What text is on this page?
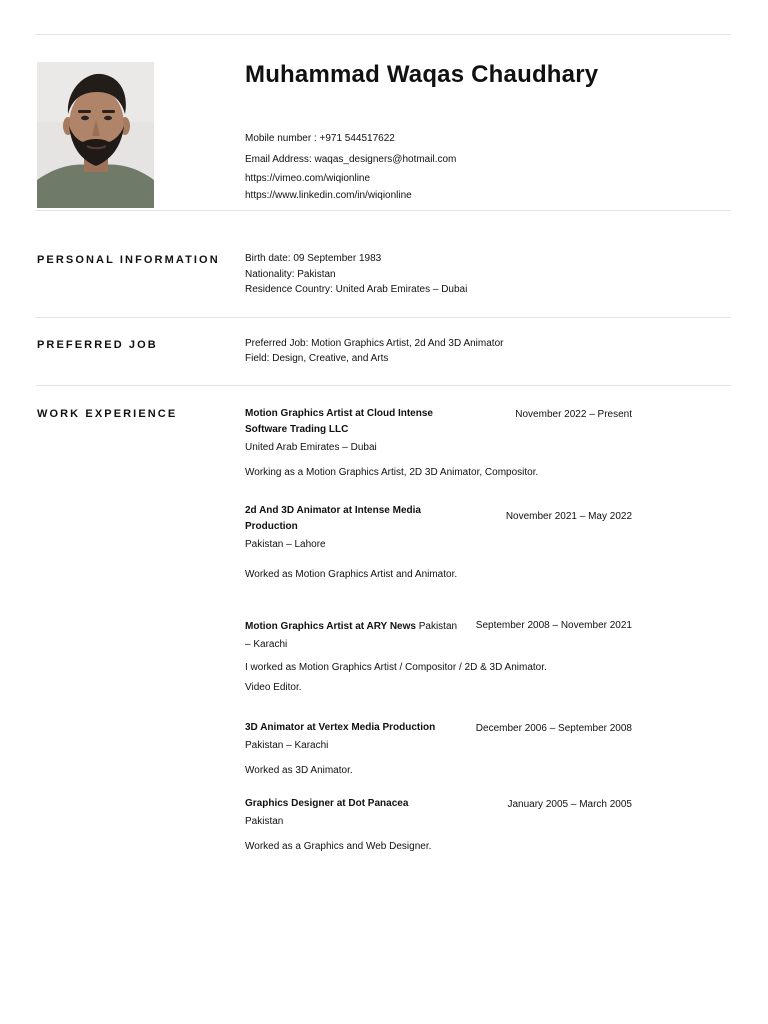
Muhammad Waqas Chaudhary
Mobile number : +971 544517622
Email Address: waqas_designers@hotmail.com
https://vimeo.com/wiqionline
https://www.linkedin.com/in/wiqionline
PERSONAL INFORMATION	Birth date: 09 September 1983
Nationality: Pakistan
Residence Country: United Arab Emirates – Dubai
PREFERRED JOB	Preferred Job: Motion Graphics Artist, 2d And 3D Animator
Field: Design, Creative, and Arts
WORK EXPERIENCE	Motion Graphics Artist at Cloud Intense
Software Trading LLC
November 2022 – Present
United Arab Emirates – Dubai
Working as a Motion Graphics Artist, 2D 3D Animator, Compositor.
2d And 3D Animator at Intense Media
Production
November 2021 – May 2022
Pakistan – Lahore
Worked as Motion Graphics Artist and Animator.
Motion Graphics Artist at ARY News Pakistan
– Karachi
September 2008 – November 2021
I worked as Motion Graphics Artist / Compositor / 2D & 3D Animator.
Video Editor.
3D Animator at Vertex Media Production	December 2006 – September 2008
Pakistan – Karachi
Worked as 3D Animator.
Graphics Designer at Dot Panacea	January 2005 – March 2005
Pakistan
Worked as a Graphics and Web Designer.
